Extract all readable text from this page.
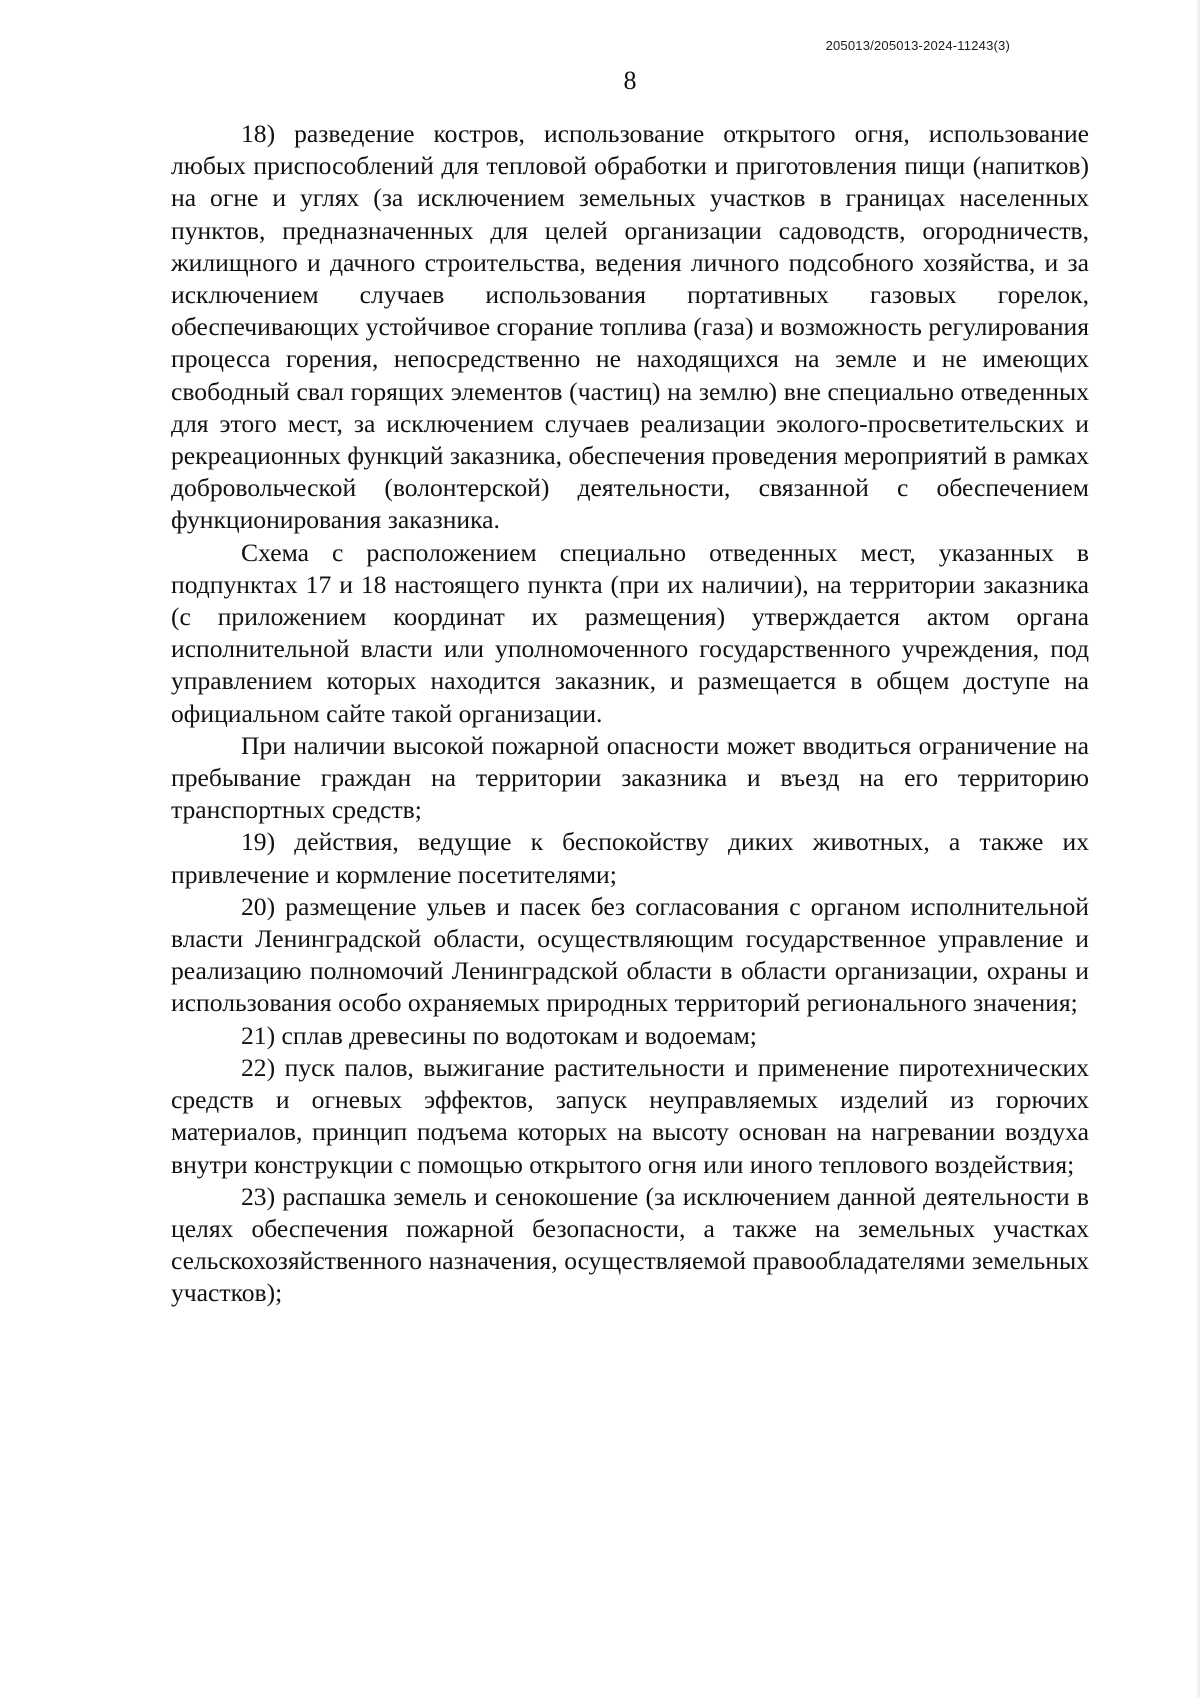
205013/205013-2024-11243(3)
8

18) разведение костров, использование открытого огня, использование любых приспособлений для тепловой обработки и приготовления пищи (напитков) на огне и углях (за исключением земельных участков в границах населенных пунктов, предназначенных для целей организации садоводств, огородничеств, жилищного и дачного строительства, ведения личного подсобного хозяйства, и за исключением случаев использования портативных газовых горелок, обеспечивающих устойчивое сгорание топлива (газа) и возможность регулирования процесса горения, непосредственно не находящихся на земле и не имеющих свободный свал горящих элементов (частиц) на землю) вне специально отведенных для этого мест, за исключением случаев реализации эколого-просветительских и рекреационных функций заказника, обеспечения проведения мероприятий в рамках добровольческой (волонтерской) деятельности, связанной с обеспечением функционирования заказника.

Схема с расположением специально отведенных мест, указанных в подпунктах 17 и 18 настоящего пункта (при их наличии), на территории заказника (с приложением координат их размещения) утверждается актом органа исполнительной власти или уполномоченного государственного учреждения, под управлением которых находится заказник, и размещается в общем доступе на официальном сайте такой организации.

При наличии высокой пожарной опасности может вводиться ограничение на пребывание граждан на территории заказника и въезд на его территорию транспортных средств;

19) действия, ведущие к беспокойству диких животных, а также их привлечение и кормление посетителями;

20) размещение ульев и пасек без согласования с органом исполнительной власти Ленинградской области, осуществляющим государственное управление и реализацию полномочий Ленинградской области в области организации, охраны и использования особо охраняемых природных территорий регионального значения;

21) сплав древесины по водотокам и водоемам;

22) пуск палов, выжигание растительности и применение пиротехнических средств и огневых эффектов, запуск неуправляемых изделий из горючих материалов, принцип подъема которых на высоту основан на нагревании воздуха внутри конструкции с помощью открытого огня или иного теплового воздействия;

23) распашка земель и сенокошение (за исключением данной деятельности в целях обеспечения пожарной безопасности, а также на земельных участках сельскохозяйственного назначения, осуществляемой правообладателями земельных участков);
